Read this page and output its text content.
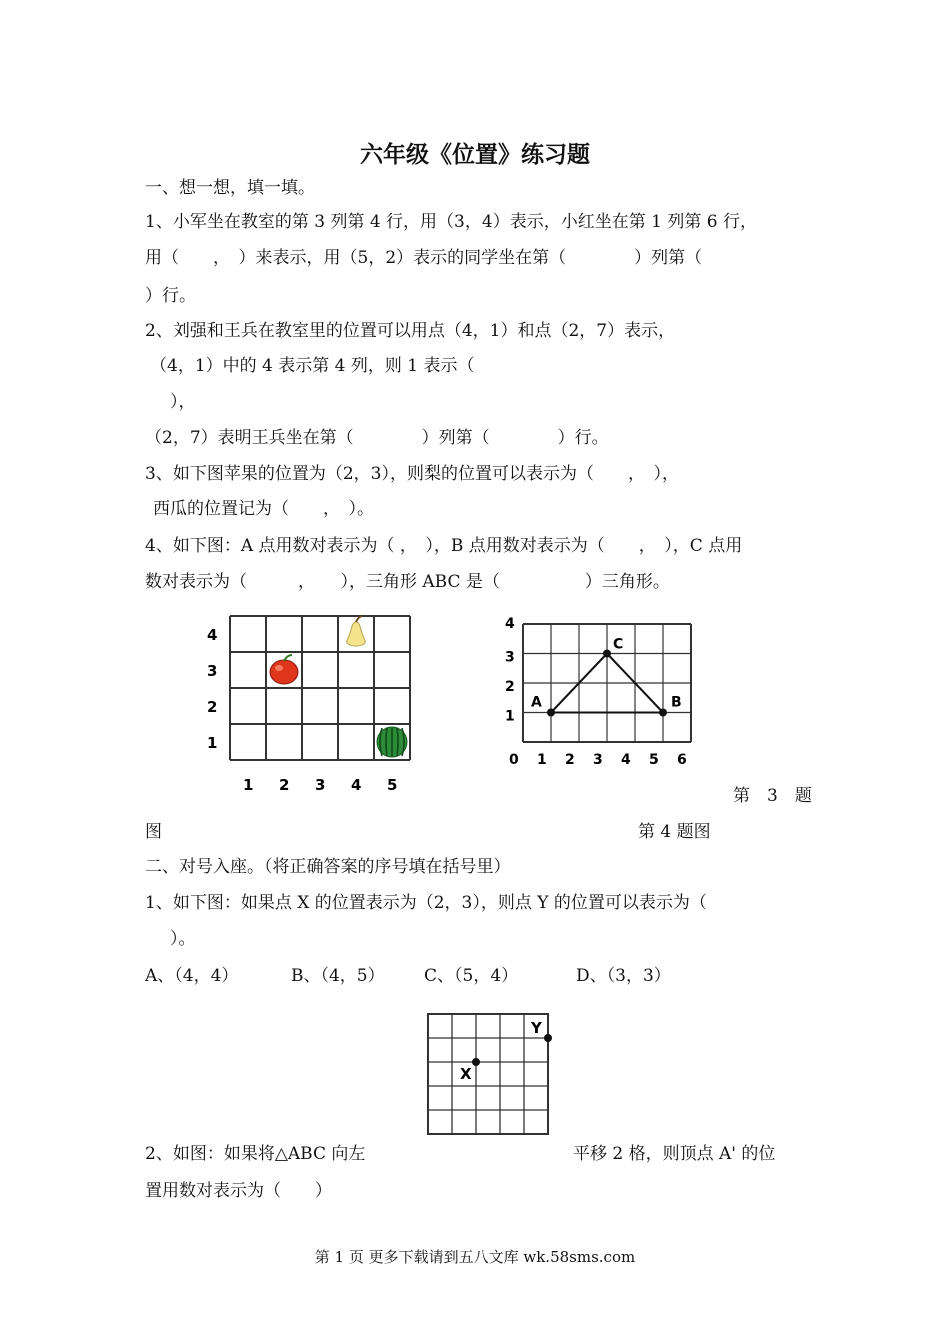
六年级《位置》练习题
一、想一想，填一填。
1、小军坐在教室的第 3 列第 4 行，用（3，4）表示，小红坐在第 1 列第 6 行，
用（　　，　）来表示，用（5，2）表示的同学坐在第（　　　　）列第（
）行。
2、刘强和王兵在教室里的位置可以用点（4，1）和点（2，7）表示，
（4，1）中的 4 表示第 4 列，则 1 表示（
），
（2，7）表明王兵坐在第（　　　　）列第（　　　　）行。
3、如下图苹果的位置为（2，3），则梨的位置可以表示为（　　，　），
西瓜的位置记为（　　，　）。
4、如下图：A 点用数对表示为（ ，　），B 点用数对表示为（　　，　），C 点用
数对表示为（　　　，　　），三角形 ABC 是（　　　　　）三角形。
1 2 3 4 5
1
2
3
4
0 1 2 3 4 5 6
1
2
3
4
A	B
C
第　3　题
图	第 4 题图
二、对号入座。（将正确答案的序号填在括号里）
1、如下图：如果点 X 的位置表示为（2，3），则点 Y 的位置可以表示为（
）。
A、（4，4）	B、（4，5） C、（5，4）	D、（3，3）
X
Y
2、如图：如果将△ABC 向左	平移 2 格，则顶点 A' 的位
置用数对表示为（　　）
第 1 页 更多下载请到五八文库 wk.58sms.com
